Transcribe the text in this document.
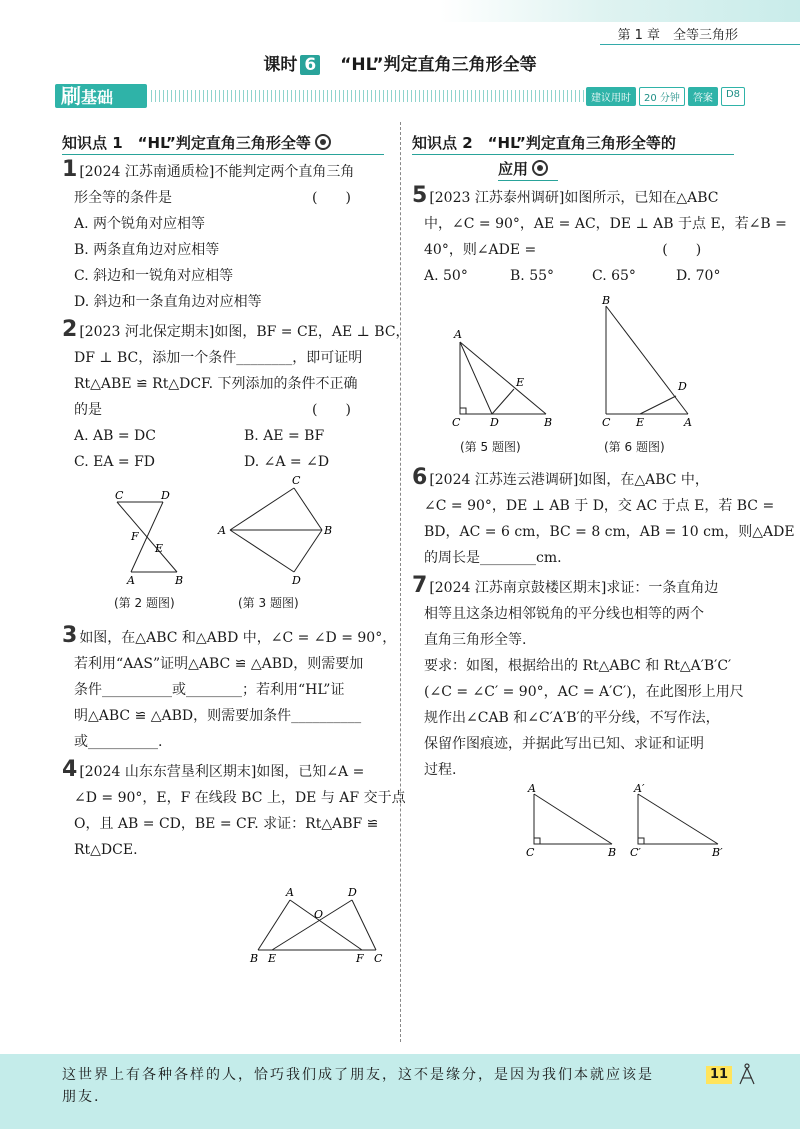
第 1 章　全等三角形
课时 6　 “HL”判定直角三角形全等
刷基础	建议用时	20 分钟	答案	D8
知识点 1　“HL”判定直角三角形全等
1 [2024 江苏南通质检]不能判定两个直角三角
形全等的条件是　　　　　　　　　　(　　)
A. 两个锐角对应相等
B. 两条直角边对应相等
C. 斜边和一锐角对应相等
D. 斜边和一条直角边对应相等
2 [2023 河北保定期末]如图，BF = CE，AE ⊥ BC，
DF ⊥ BC，添加一个条件________，即可证明
Rt△ABE ≌ Rt△DCF. 下列添加的条件不正确
的是　　　　　　　　　　　　　　　(　　)
A. AB = DC	B. AE = BF
C. EA = FD	D. ∠A = ∠D
C	D
F
E
A	B
(第 2 题图)
C
A	B
D
(第 3 题图)
3 如图，在△ABC 和△ABD 中，∠C = ∠D = 90°，
若利用“AAS”证明△ABC ≌ △ABD，则需要加
条件__________或________；若利用“HL”证
明△ABC ≌ △ABD，则需要加条件__________
或__________.
4 [2024 山东东营垦利区期末]如图，已知∠A =
∠D = 90°，E，F 在线段 BC 上，DE 与 AF 交于点
O，且 AB = CD，BE = CF. 求证：Rt△ABF ≌
Rt△DCE.
A	D
O
B E	F C
知识点 2　“HL”判定直角三角形全等的
应用
5 [2023 江苏泰州调研]如图所示，已知在△ABC
中，∠C = 90°，AE = AC，DE ⊥ AB 于点 E，若∠B =
40°，则∠ADE =　　　　　　　　　(　　)
A. 50°	B. 55°	C. 65°	D. 70°
A
E
C	D	B
(第 5 题图)
B
D
C E	A
(第 6 题图)
6 [2024 江苏连云港调研]如图，在△ABC 中，
∠C = 90°，DE ⊥ AB 于 D，交 AC 于点 E，若 BC =
BD，AC = 6 cm，BC = 8 cm，AB = 10 cm，则△ADE
的周长是________cm.
7 [2024 江苏南京鼓楼区期末]求证：一条直角边
相等且这条边相邻锐角的平分线也相等的两个
直角三角形全等.
要求：如图，根据给出的 Rt△ABC 和 Rt△A′B′C′
(∠C = ∠C′ = 90°，AC = A′C′)，在此图形上用尺
规作出∠CAB 和∠C′A′B′的平分线，不写作法，
保留作图痕迹，并据此写出已知、求证和证明
过程.
A
C	B
A′
C′	B′
这世界上有各种各样的人，恰巧我们成了朋友，这不是缘分，是因为我们本就应该是
朋友.
11
